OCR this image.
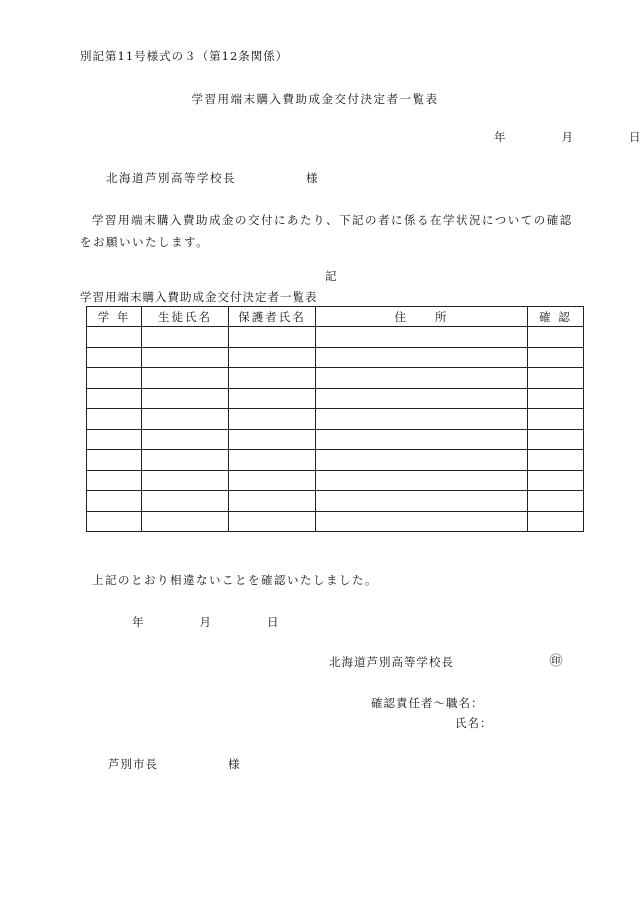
別記第11号様式の３（第12条関係）
学習用端末購入費助成金交付決定者一覧表
年	月	日
北海道芦別高等学校長	様
学習用端末購入費助成金の交付にあたり、下記の者に係る在学状況についての確認をお願いいたします。
記
学習用端末購入費助成金交付決定者一覧表
学 年	生徒氏名	保護者氏名	住　　所	確 認

上記のとおり相違ないことを確認いたしました。
年	月	日
北海道芦別高等学校長	㊞
確認責任者～職名：
氏名：
芦別市長	様
